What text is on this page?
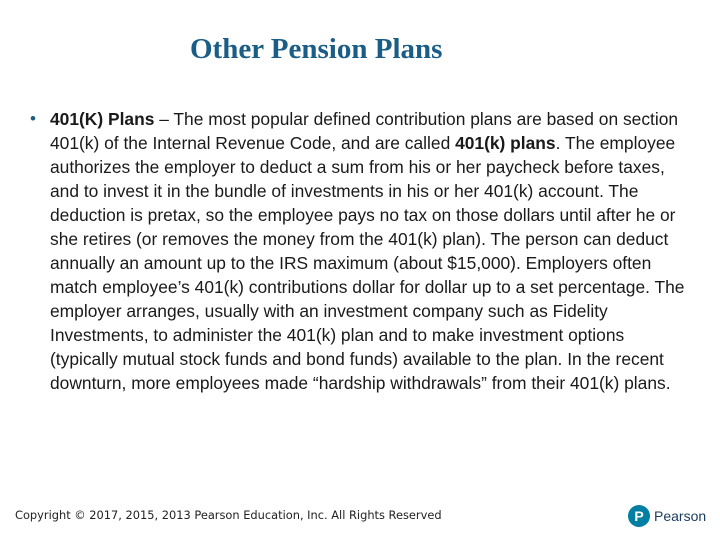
Other Pension Plans
• 401(K) Plans – The most popular defined contribution plans are based on section 401(k) of the Internal Revenue Code, and are called 401(k) plans. The employee authorizes the employer to deduct a sum from his or her paycheck before taxes, and to invest it in the bundle of investments in his or her 401(k) account. The deduction is pretax, so the employee pays no tax on those dollars until after he or she retires (or removes the money from the 401(k) plan). The person can deduct annually an amount up to the IRS maximum (about $15,000). Employers often match employee’s 401(k) contributions dollar for dollar up to a set percentage. The employer arranges, usually with an investment company such as Fidelity Investments, to administer the 401(k) plan and to make investment options (typically mutual stock funds and bond funds) available to the plan. In the recent downturn, more employees made “hardship withdrawals” from their 401(k) plans.

Copyright © 2017, 2015, 2013 Pearson Education, Inc. All Rights Reserved	P Pearson
